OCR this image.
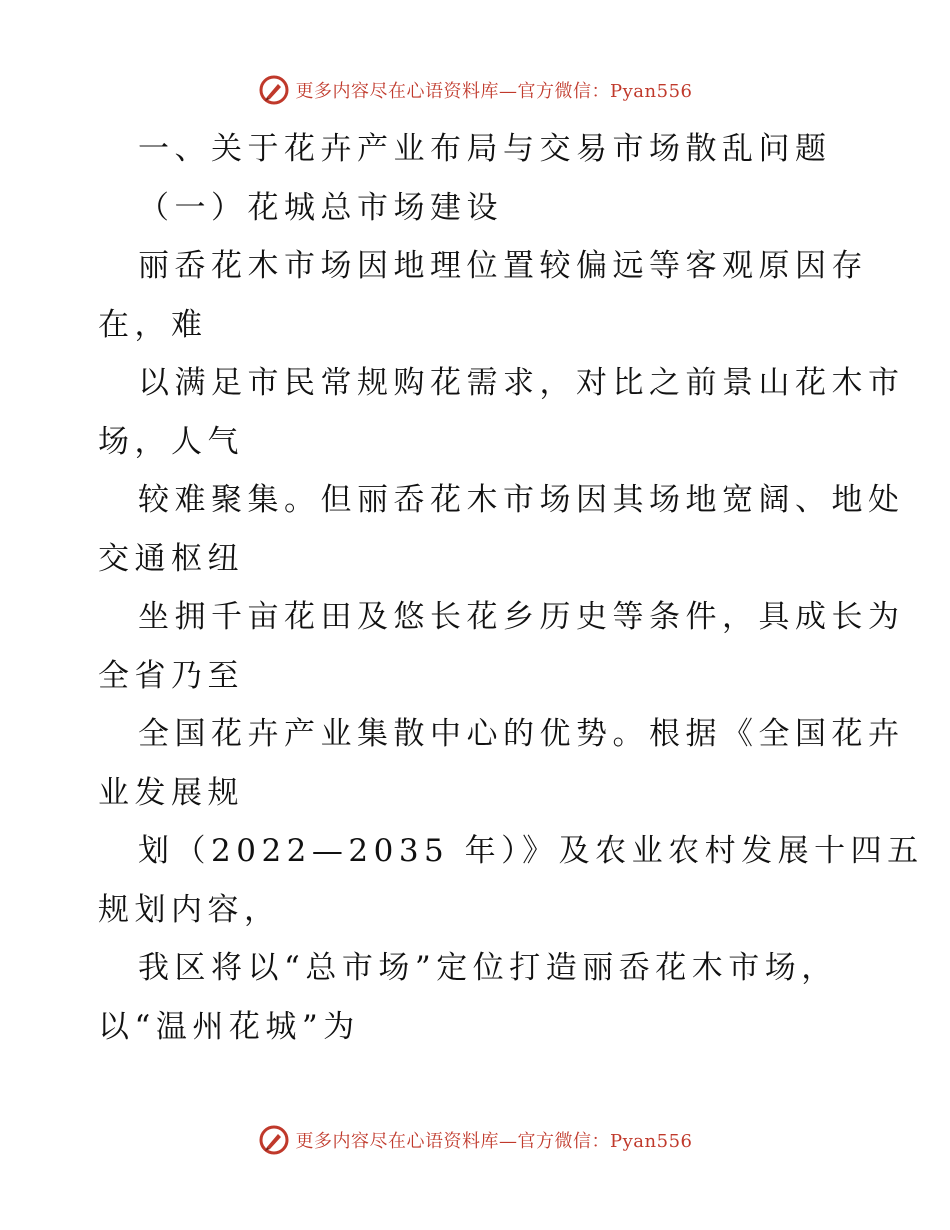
更多内容尽在心语资料库—官方微信：Pyan556
一、关于花卉产业布局与交易市场散乱问题
（一）花城总市场建设
丽岙花木市场因地理位置较偏远等客观原因存
在，难
以满足市民常规购花需求，对比之前景山花木市
场，人气
较难聚集。但丽岙花木市场因其场地宽阔、地处
交通枢纽
坐拥千亩花田及悠长花乡历史等条件，具成长为
全省乃至
全国花卉产业集散中心的优势。根据《全国花卉
业发展规
划（2022—2035 年）》及农业农村发展十四五
规划内容，
我区将以“总市场”定位打造丽岙花木市场，
以“温州花城”为
更多内容尽在心语资料库—官方微信：Pyan556
